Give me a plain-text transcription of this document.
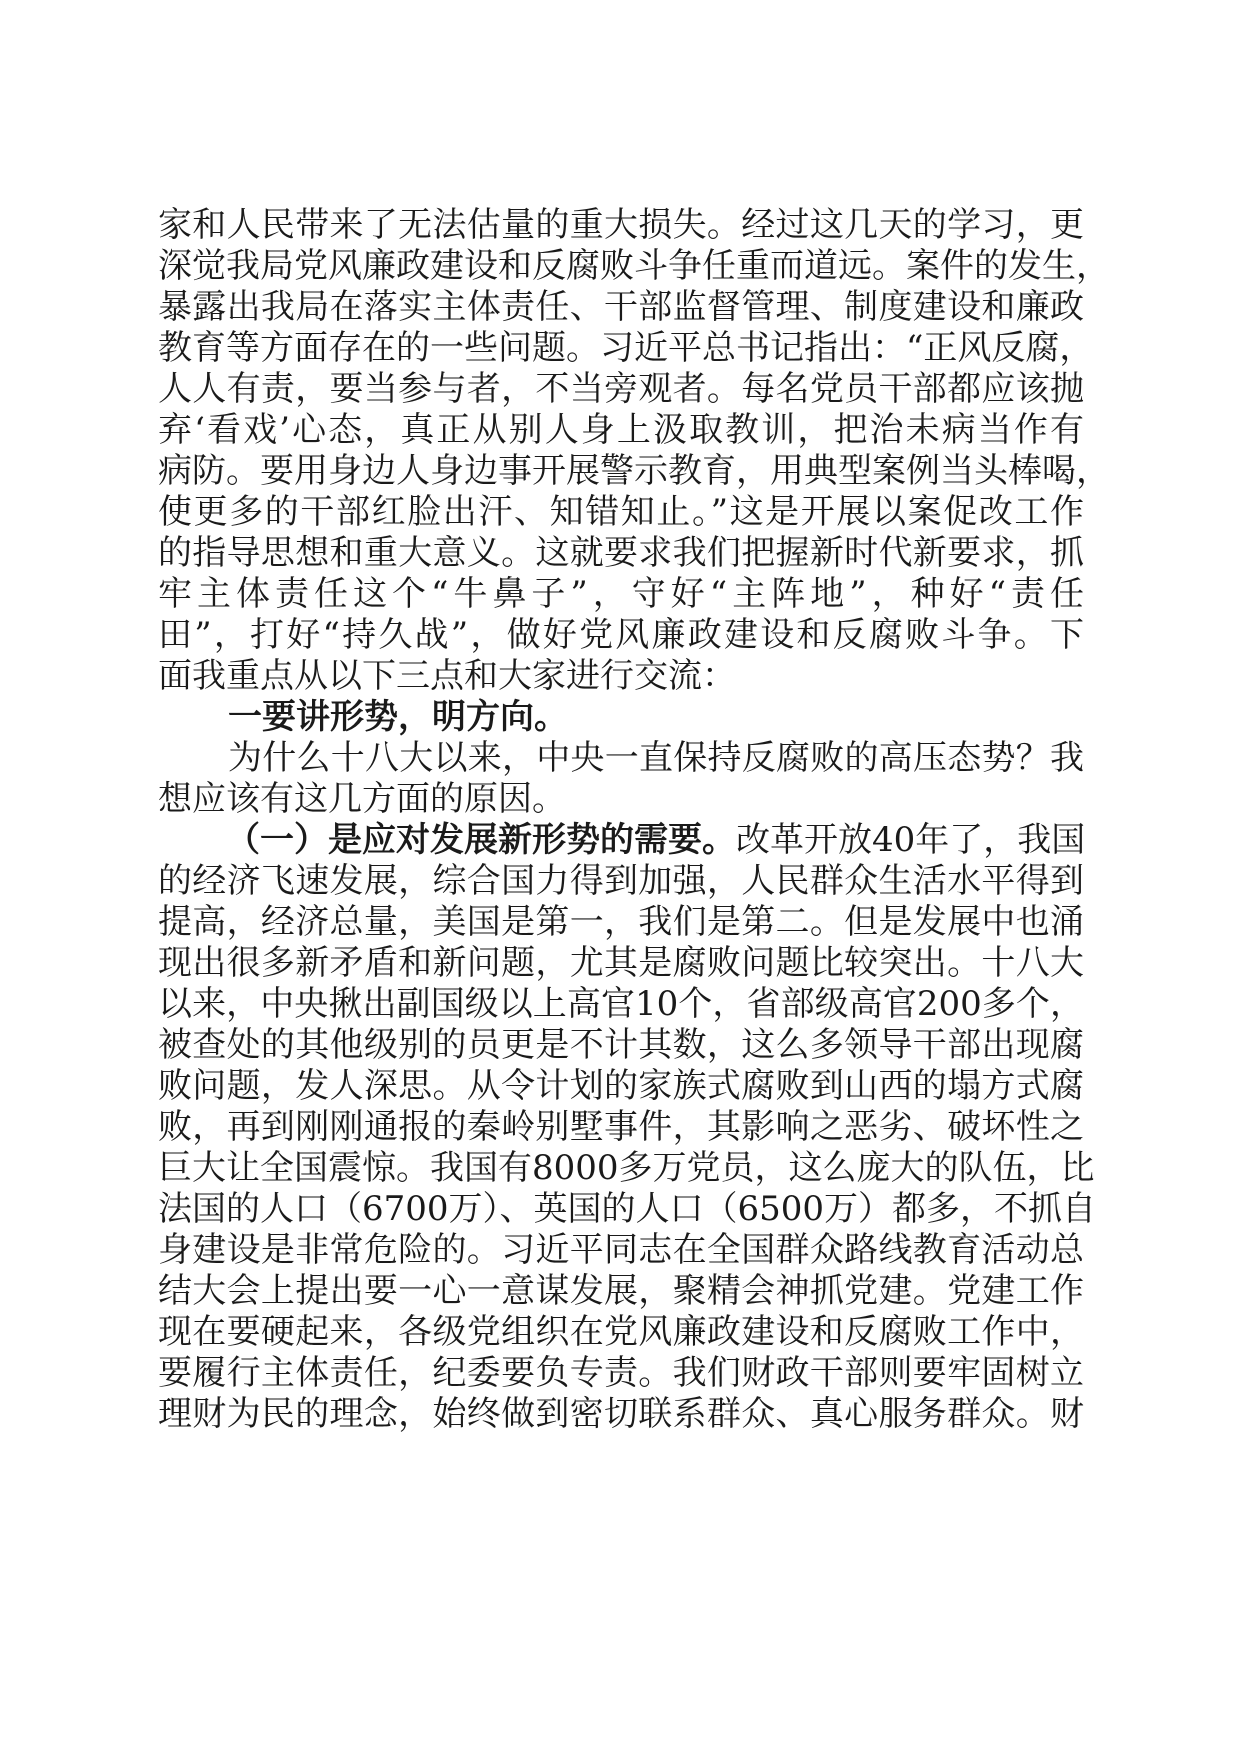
家和人民带来了无法估量的重大损失。经过这几天的学习，更
深觉我局党风廉政建设和反腐败斗争任重而道远。案件的发生，
暴露出我局在落实主体责任、干部监督管理、制度建设和廉政
教育等方面存在的一些问题。习近平总书记指出：“正风反腐，
人人有责，要当参与者，不当旁观者。每名党员干部都应该抛
弃‘看戏’心态，真正从别人身上汲取教训，把治未病当作有
病防。要用身边人身边事开展警示教育，用典型案例当头棒喝，
使更多的干部红脸出汗、知错知止。”这是开展以案促改工作
的指导思想和重大意义。这就要求我们把握新时代新要求，抓
牢主体责任这个“牛鼻子”，守好“主阵地”，种好“责任
田”，打好“持久战”，做好党风廉政建设和反腐败斗争。下
面我重点从以下三点和大家进行交流：
一要讲形势，明方向。
为什么十八大以来，中央一直保持反腐败的高压态势？我
想应该有这几方面的原因。
（一）是应对发展新形势的需要。改革开放40年了，我国
的经济飞速发展，综合国力得到加强，人民群众生活水平得到
提高，经济总量，美国是第一，我们是第二。但是发展中也涌
现出很多新矛盾和新问题，尤其是腐败问题比较突出。十八大
以来，中央揪出副国级以上高官10个，省部级高官200多个，
被查处的其他级别的员更是不计其数，这么多领导干部出现腐
败问题，发人深思。从令计划的家族式腐败到山西的塌方式腐
败，再到刚刚通报的秦岭别墅事件，其影响之恶劣、破坏性之
巨大让全国震惊。我国有8000多万党员，这么庞大的队伍，比
法国的人口（6700万）、英国的人口（6500万）都多，不抓自
身建设是非常危险的。习近平同志在全国群众路线教育活动总
结大会上提出要一心一意谋发展，聚精会神抓党建。党建工作
现在要硬起来，各级党组织在党风廉政建设和反腐败工作中，
要履行主体责任，纪委要负专责。我们财政干部则要牢固树立
理财为民的理念，始终做到密切联系群众、真心服务群众。财
